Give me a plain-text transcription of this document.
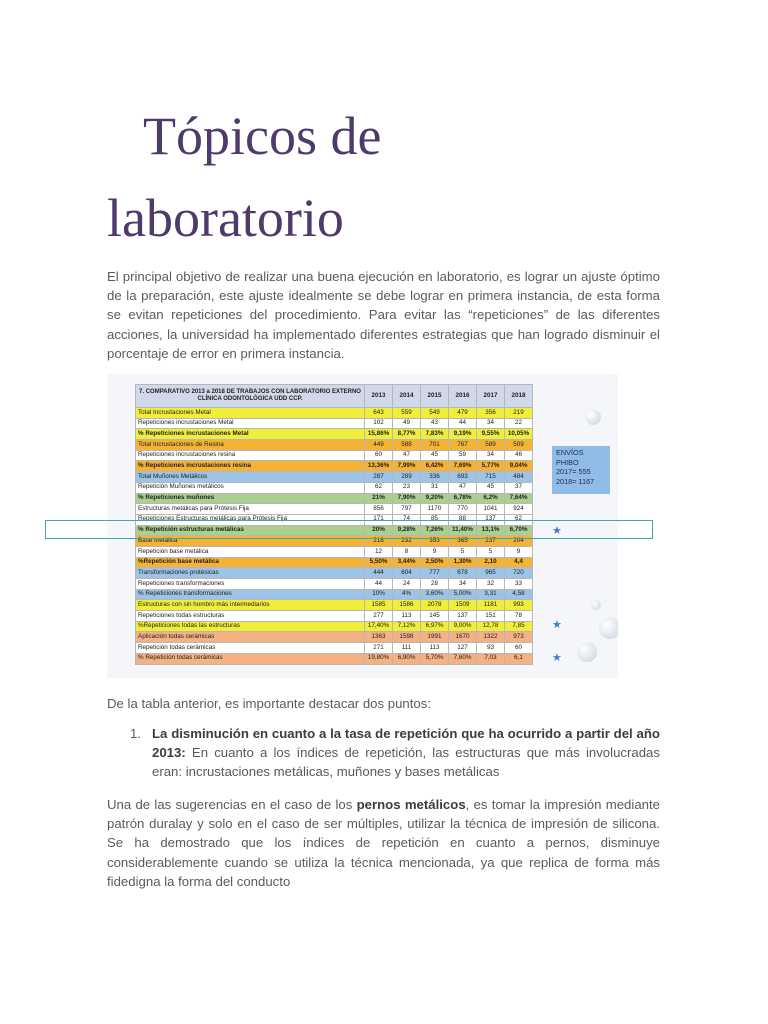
Tópicos de
laboratorio
El principal objetivo de realizar una buena ejecución en laboratorio, es lograr un ajuste óptimo de la preparación, este ajuste idealmente se debe lograr en primera instancia, de esta forma se evitan repeticiones del procedimiento. Para evitar las “repeticiones” de las diferentes acciones, la universidad ha implementado diferentes estrategias que han logrado disminuir el porcentaje de error en primera instancia.
7. COMPARATIVO 2013 a 2018 DE TRABAJOS CON LABORATORIO EXTERNO CLÍNICA ODONTOLÓGICA UDD CCP.	2013	2014	2015	2016	2017	2018
Total Incrustaciones Metal	643	559	549	479	356	219
Repeticiones incrustaciones Metal	102	49	43	44	34	22
% Repeticiones incrustaciones Metal	15,86%	8,77%	7,83%	9,19%	9,55%	10,05%
Total Incrustaciones de Resina	449	588	701	767	589	509
Repeticiones incrustaciones resina	60	47	45	59	34	46
% Repeticiones incrustaciones resina	13,36%	7,99%	6,42%	7,69%	5,77%	9,04%
Total Muñones Metálicos	287	289	336	693	715	484
Repetición Muñones metálicos	62	23	31	47	45	37
% Repeticiones muñones	21%	7,90%	9,20%	6,78%	6,2%	7,64%
Estructuras metálicas para Prótesis Fija	856	797	1170	770	1041	924
Repeticiones Estructuras metálicas para Prótesis Fija	171	74	85	88	137	62
% Repetición estructuras metálicas	20%	9,28%	7,26%	11,40%	13,1%	6,70%
Base metálica	218	232	353	365	237	204
Repetición base metálica	12	8	9	5	5	9
%Repetición base metálica	5,50%	3,44%	2,50%	1,30%	2,10	4,4
Transformaciones protésicas	444	604	777	678	965	720
Repeticiones transformaciones	44	24	28	34	32	33
% Repeticiones transformaciones	10%	4%	3,60%	5,00%	3,31	4,58
Estructuras con sin hombro más intermediarios	1585	1586	2078	1509	1181	993
Repeticiones todas estructuras	277	113	145	137	151	78
%Repeticiones todas las estructuras	17,40%	7,12%	6,97%	9,00%	12,78	7,85
Aplicación todas cerámicas	1363	1598	1991	1670	1322	973
Repetición todas cerámicas	271	111	113	127	93	60
% Repetición todas cerámicas	19,80%	6,90%	5,70%	7,60%	7,03	6,1
ENVÍOS
PHIBO
2017= 555
2018= 1167
★
★
★
De la tabla anterior, es importante destacar dos puntos:
1. La disminución en cuanto a la tasa de repetición que ha ocurrido a partir del año 2013: En cuanto a los índices de repetición, las estructuras que más involucradas eran: incrustaciones metálicas, muñones y bases metálicas
Una de las sugerencias en el caso de los pernos metálicos, es tomar la impresión mediante patrón duralay y solo en el caso de ser múltiples, utilizar la técnica de impresión de silicona. Se ha demostrado que los índices de repetición en cuanto a pernos, disminuye considerablemente cuando se utiliza la técnica mencionada, ya que replica de forma más fidedigna la forma del conducto
